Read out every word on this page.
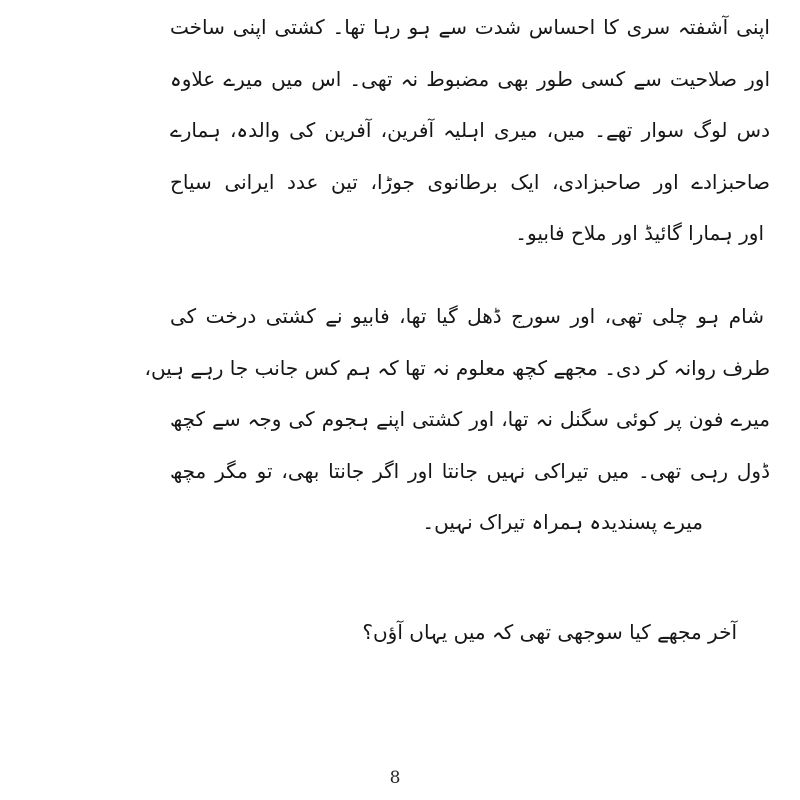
اپنی آشفتہ سری کا احساس شدت سے ہو رہا تھا۔ کشتی اپنی ساخت
اور صلاحیت سے کسی طور بھی مضبوط نہ تھی۔ اس میں میرے علاوہ
دس لوگ سوار تھے۔ میں، میری اہلیہ آفرین، آفرین کی والدہ، ہمارے
صاحبزادے اور صاحبزادی، ایک برطانوی جوڑا، تین عدد ایرانی سیاح
اور ہمارا گائیڈ اور ملاح فابیو۔
شام ہو چلی تھی، اور سورج ڈھل گیا تھا، فابیو نے کشتی درخت کی
طرف روانہ کر دی۔ مجھے کچھ معلوم نہ تھا کہ ہم کس جانب جا رہے ہیں،
میرے فون پر کوئی سگنل نہ تھا، اور کشتی اپنے ہجوم کی وجہ سے کچھ
ڈول رہی تھی۔ میں تیراکی نہیں جانتا اور اگر جانتا بھی، تو مگر مچھ
میرے پسندیدہ ہمراہ تیراک نہیں۔
آخر مجھے کیا سوجھی تھی کہ میں یہاں آؤں؟
8
